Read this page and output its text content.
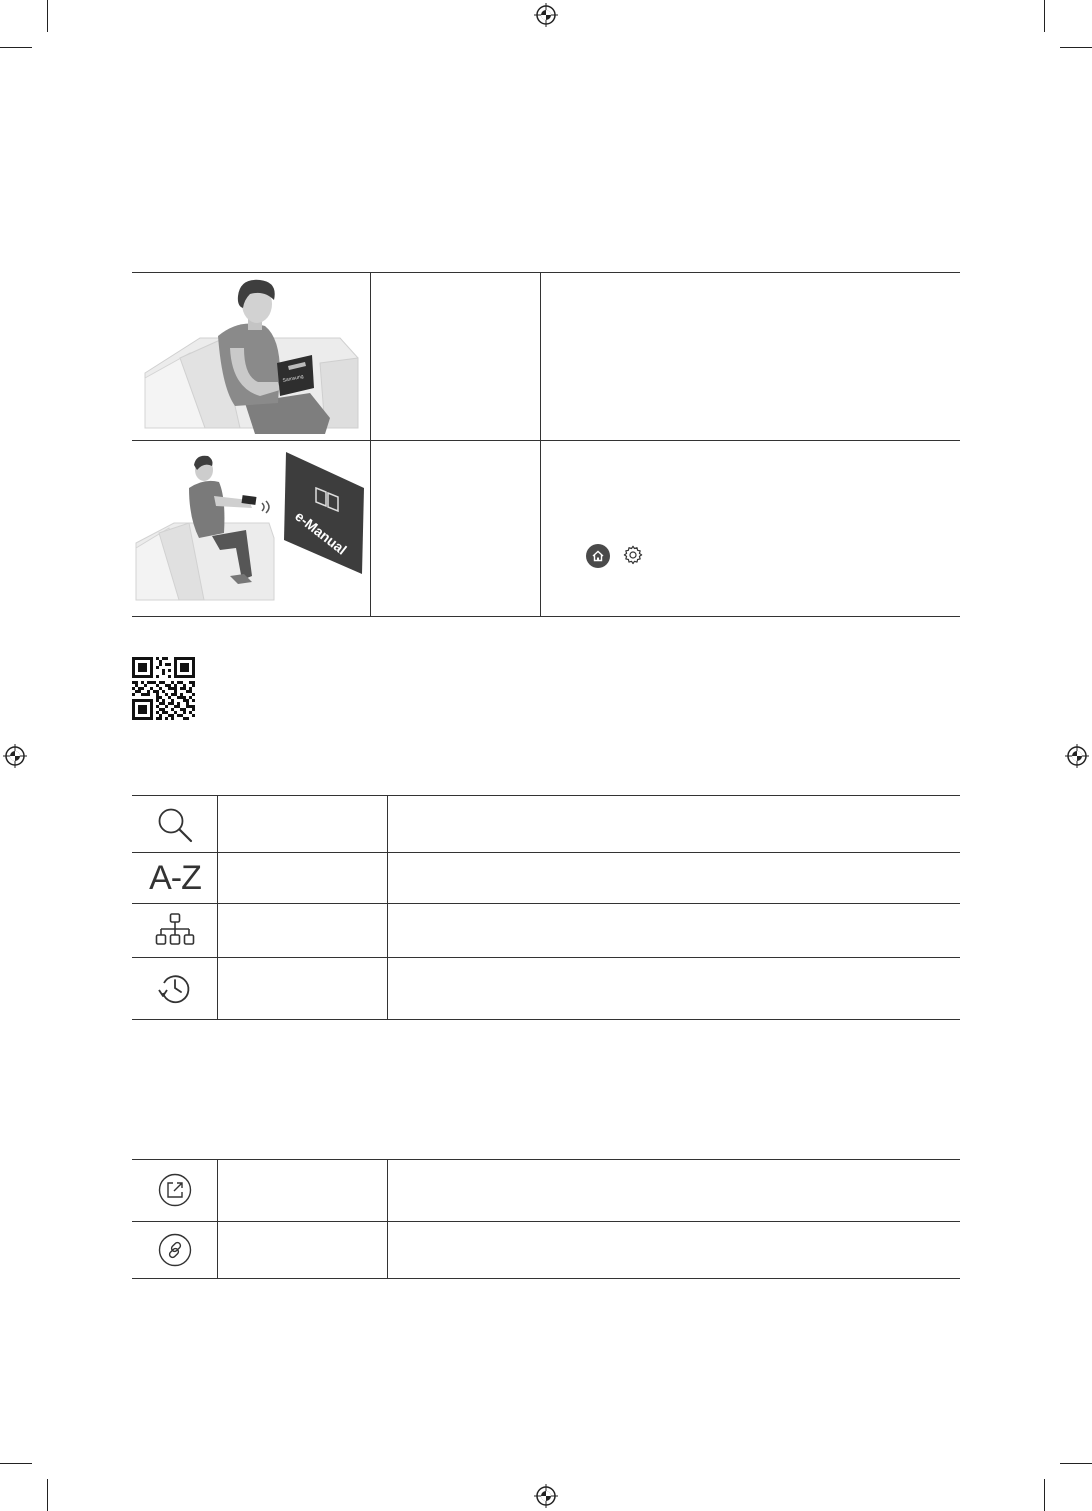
Samsung
e-Manual
A-Z
